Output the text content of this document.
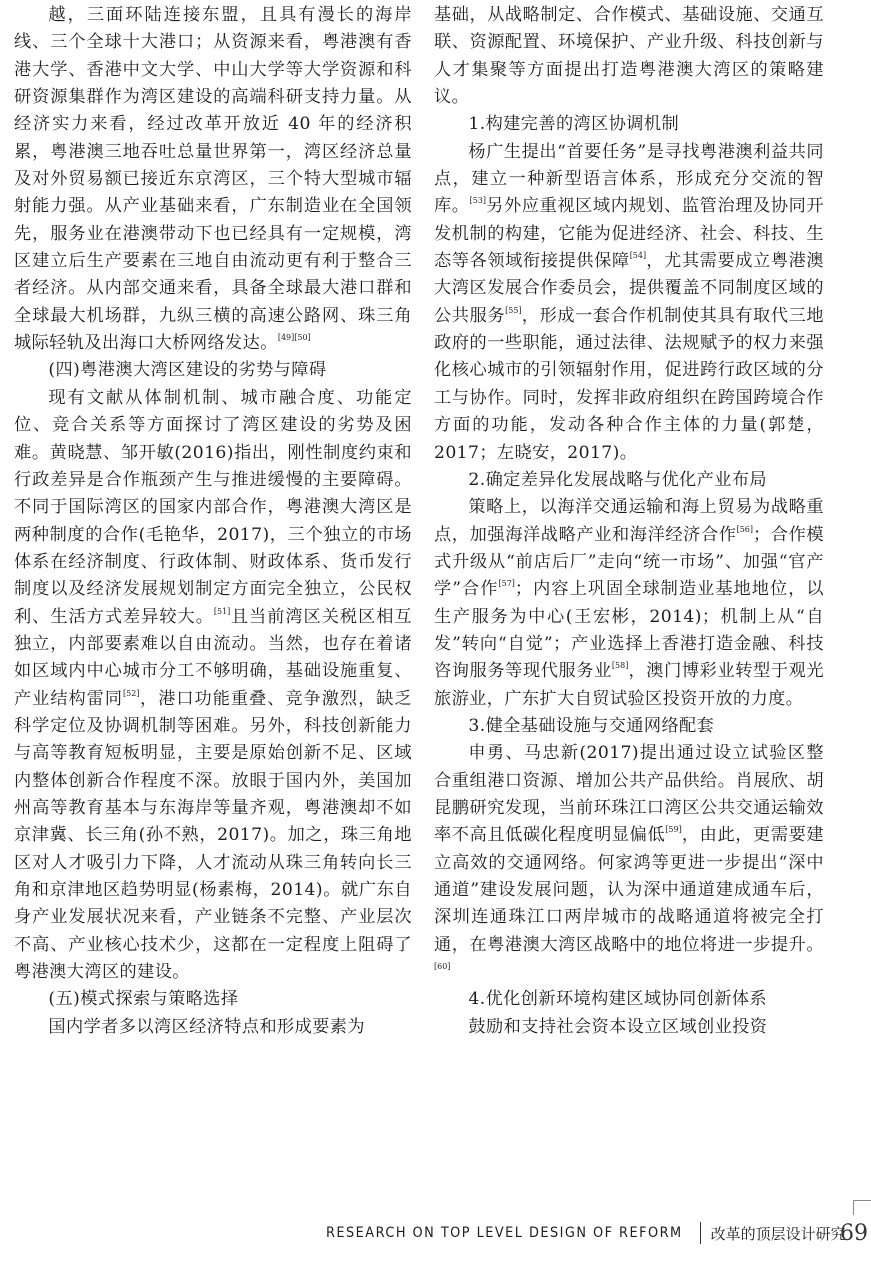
越，三面环陆连接东盟，且具有漫长的海岸线、三个全球十大港口；从资源来看，粤港澳有香港大学、香港中文大学、中山大学等大学资源和科研资源集群作为湾区建设的高端科研支持力量。从经济实力来看，经过改革开放近 40 年的经济积累，粤港澳三地吞吐总量世界第一，湾区经济总量及对外贸易额已接近东京湾区，三个特大型城市辐射能力强。从产业基础来看，广东制造业在全国领先，服务业在港澳带动下也已经具有一定规模，湾区建立后生产要素在三地自由流动更有利于整合三者经济。从内部交通来看，具备全球最大港口群和全球最大机场群，九纵三横的高速公路网、珠三角城际轻轨及出海口大桥网络发达。[49][50]

(四)粤港澳大湾区建设的劣势与障碍

现有文献从体制机制、城市融合度、功能定位、竞合关系等方面探讨了湾区建设的劣势及困难。黄晓慧、邹开敏(2016)指出，刚性制度约束和行政差异是合作瓶颈产生与推进缓慢的主要障碍。不同于国际湾区的国家内部合作，粤港澳大湾区是两种制度的合作(毛艳华，2017)，三个独立的市场体系在经济制度、行政体制、财政体系、货币发行制度以及经济发展规划制定方面完全独立，公民权利、生活方式差异较大。[51]且当前湾区关税区相互独立，内部要素难以自由流动。当然，也存在着诸如区域内中心城市分工不够明确，基础设施重复、产业结构雷同[52]，港口功能重叠、竞争激烈，缺乏科学定位及协调机制等困难。另外，科技创新能力与高等教育短板明显，主要是原始创新不足、区域内整体创新合作程度不深。放眼于国内外，美国加州高等教育基本与东海岸等量齐观，粤港澳却不如京津冀、长三角(孙不熟，2017)。加之，珠三角地区对人才吸引力下降，人才流动从珠三角转向长三角和京津地区趋势明显(杨素梅，2014)。就广东自身产业发展状况来看，产业链条不完整、产业层次不高、产业核心技术少，这都在一定程度上阻碍了粤港澳大湾区的建设。

(五)模式探索与策略选择

国内学者多以湾区经济特点和形成要素为

基础，从战略制定、合作模式、基础设施、交通互联、资源配置、环境保护、产业升级、科技创新与人才集聚等方面提出打造粤港澳大湾区的策略建议。

1.构建完善的湾区协调机制

杨广生提出“首要任务”是寻找粤港澳利益共同点，建立一种新型语言体系，形成充分交流的智库。[53]另外应重视区域内规划、监管治理及协同开发机制的构建，它能为促进经济、社会、科技、生态等各领域衔接提供保障[54]，尤其需要成立粤港澳大湾区发展合作委员会，提供覆盖不同制度区域的公共服务[55]，形成一套合作机制使其具有取代三地政府的一些职能，通过法律、法规赋予的权力来强化核心城市的引领辐射作用，促进跨行政区域的分工与协作。同时，发挥非政府组织在跨国跨境合作方面的功能，发动各种合作主体的力量(郭楚，2017；左晓安，2017)。

2.确定差异化发展战略与优化产业布局

策略上，以海洋交通运输和海上贸易为战略重点，加强海洋战略产业和海洋经济合作[56]；合作模式升级从“前店后厂”走向“统一市场”、加强“官产学”合作[57]；内容上巩固全球制造业基地地位，以生产服务为中心(王宏彬，2014)；机制上从“自发”转向“自觉”；产业选择上香港打造金融、科技咨询服务等现代服务业[58]，澳门博彩业转型于观光旅游业，广东扩大自贸试验区投资开放的力度。

3.健全基础设施与交通网络配套

申勇、马忠新(2017)提出通过设立试验区整合重组港口资源、增加公共产品供给。肖展欣、胡昆鹏研究发现，当前环珠江口湾区公共交通运输效率不高且低碳化程度明显偏低[59]，由此，更需要建立高效的交通网络。何家鸿等更进一步提出“深中通道”建设发展问题，认为深中通道建成通车后，深圳连通珠江口两岸城市的战略通道将被完全打通，在粤港澳大湾区战略中的地位将进一步提升。[60]

4.优化创新环境构建区域协同创新体系

鼓励和支持社会资本设立区域创业投资

RESEARCH ON TOP LEVEL DESIGN OF REFORM 改革的顶层设计研究
69
